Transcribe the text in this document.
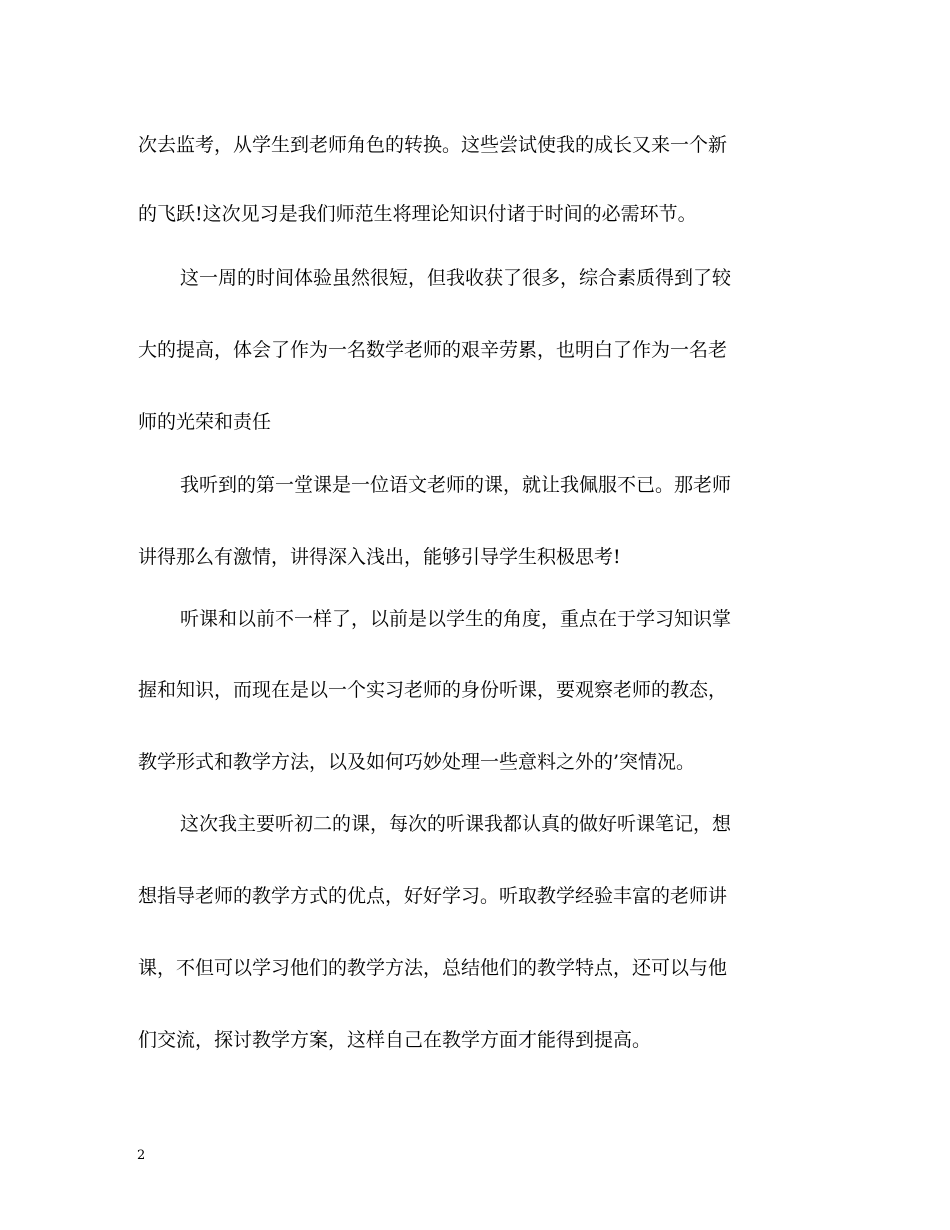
次去监考，从学生到老师角色的转换。这些尝试使我的成长又来一个新
的飞跃!这次见习是我们师范生将理论知识付诸于时间的必需环节。
这一周的时间体验虽然很短，但我收获了很多，综合素质得到了较
大的提高，体会了作为一名数学老师的艰辛劳累，也明白了作为一名老
师的光荣和责任
我听到的第一堂课是一位语文老师的课，就让我佩服不已。那老师
讲得那么有激情，讲得深入浅出，能够引导学生积极思考!
听课和以前不一样了，以前是以学生的角度，重点在于学习知识掌
握和知识，而现在是以一个实习老师的身份听课，要观察老师的教态，
教学形式和教学方法，以及如何巧妙处理一些意料之外的’突情况。
这次我主要听初二的课，每次的听课我都认真的做好听课笔记，想
想指导老师的教学方式的优点，好好学习。听取教学经验丰富的老师讲
课，不但可以学习他们的教学方法，总结他们的教学特点，还可以与他
们交流，探讨教学方案，这样自己在教学方面才能得到提高。
2
